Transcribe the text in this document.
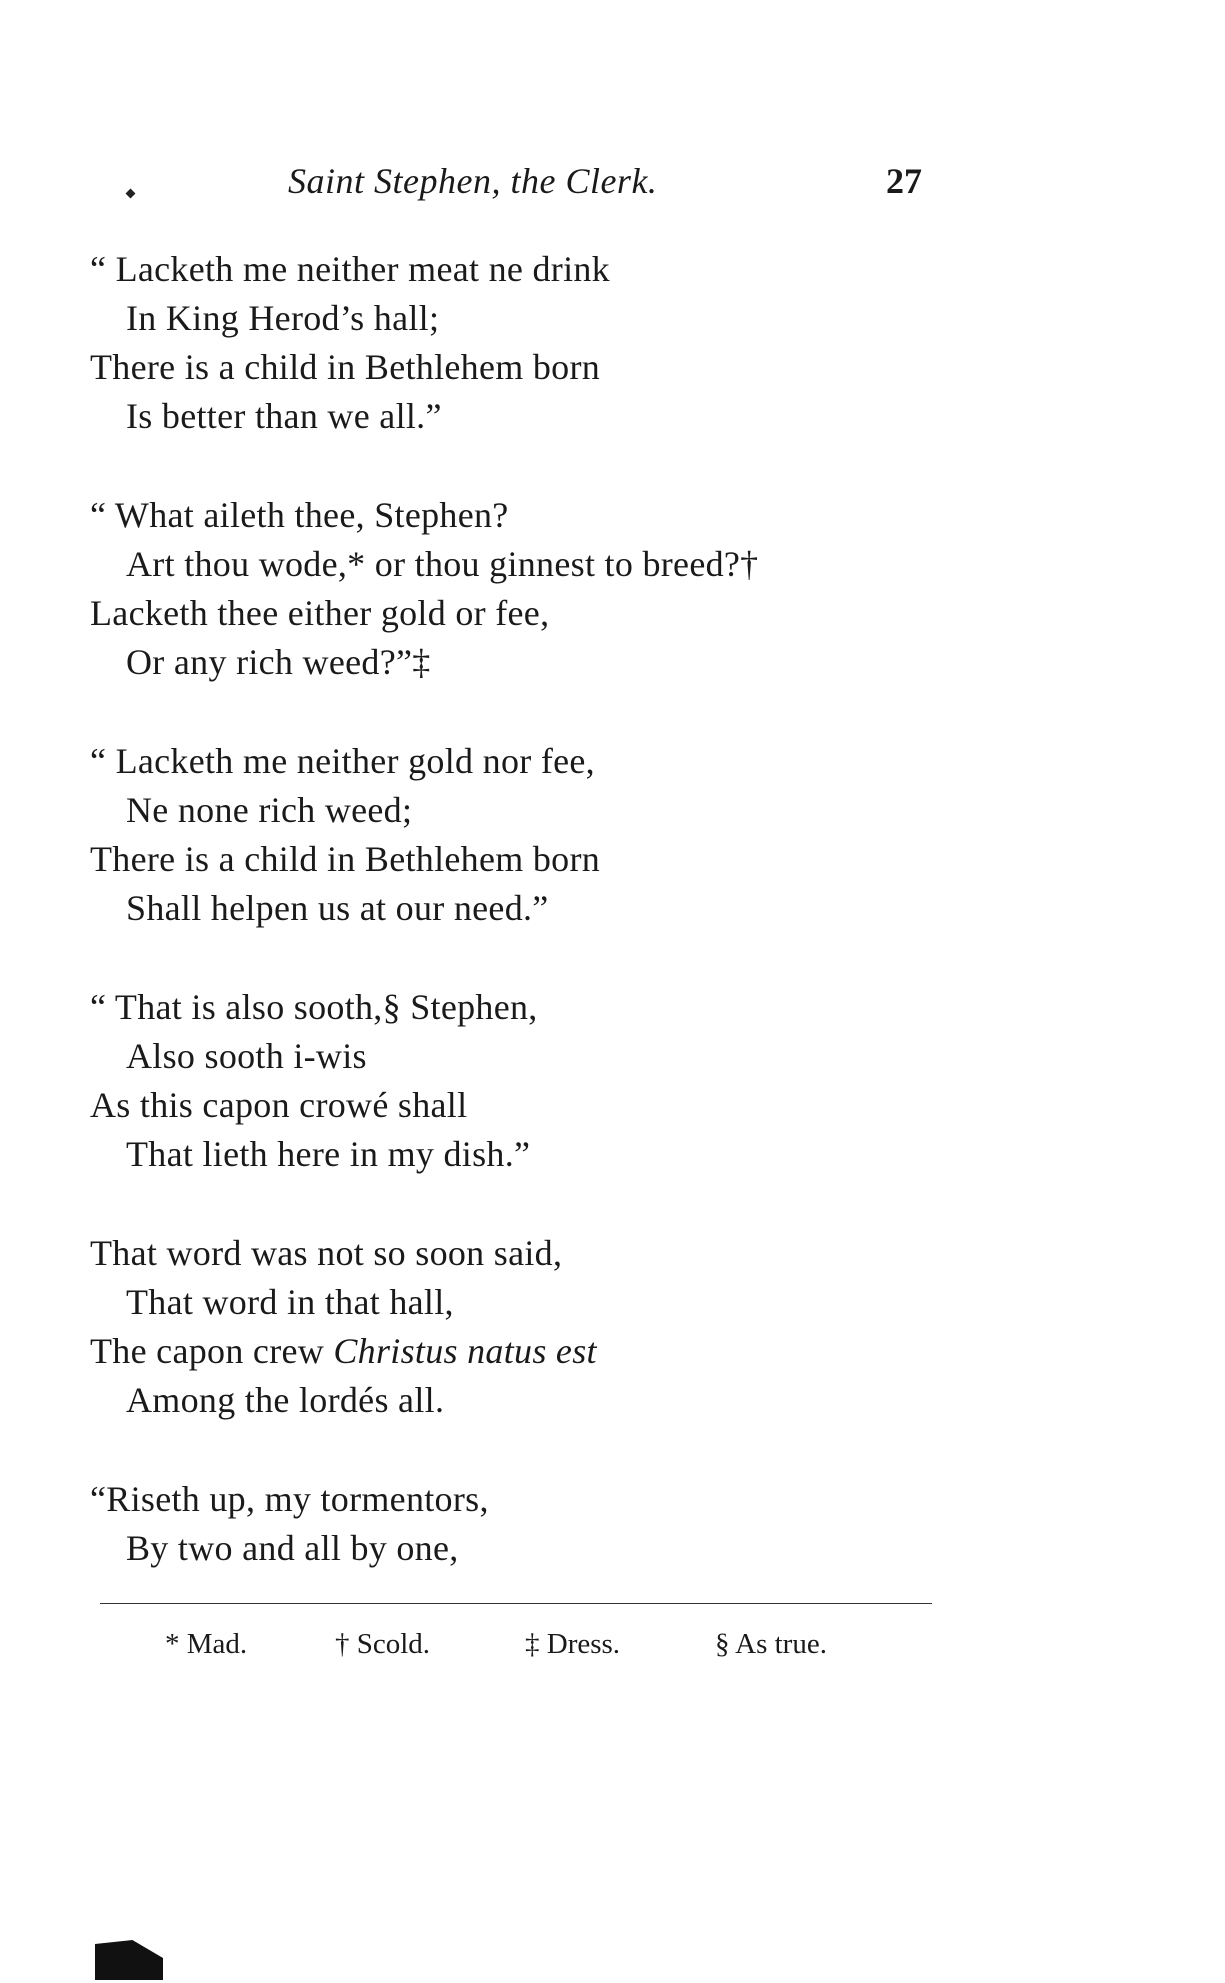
Saint Stephen, the Clerk.	27
“ Lacketh me neither meat ne drink
In King Herod’s hall;
There is a child in Bethlehem born
Is better than we all.”
“ What aileth thee, Stephen?
Art thou wode,* or thou ginnest to breed?†
Lacketh thee either gold or fee,
Or any rich weed?”‡
“ Lacketh me neither gold nor fee,
Ne none rich weed;
There is a child in Bethlehem born
Shall helpen us at our need.”
“ That is also sooth,§ Stephen,
Also sooth i-wis
As this capon crowé shall
That lieth here in my dish.”
That word was not so soon said,
That word in that hall,
The capon crew Christus natus est
Among the lordés all.
“Riseth up, my tormentors,
By two and all by one,
* Mad.	† Scold.	‡ Dress.	§ As true.
